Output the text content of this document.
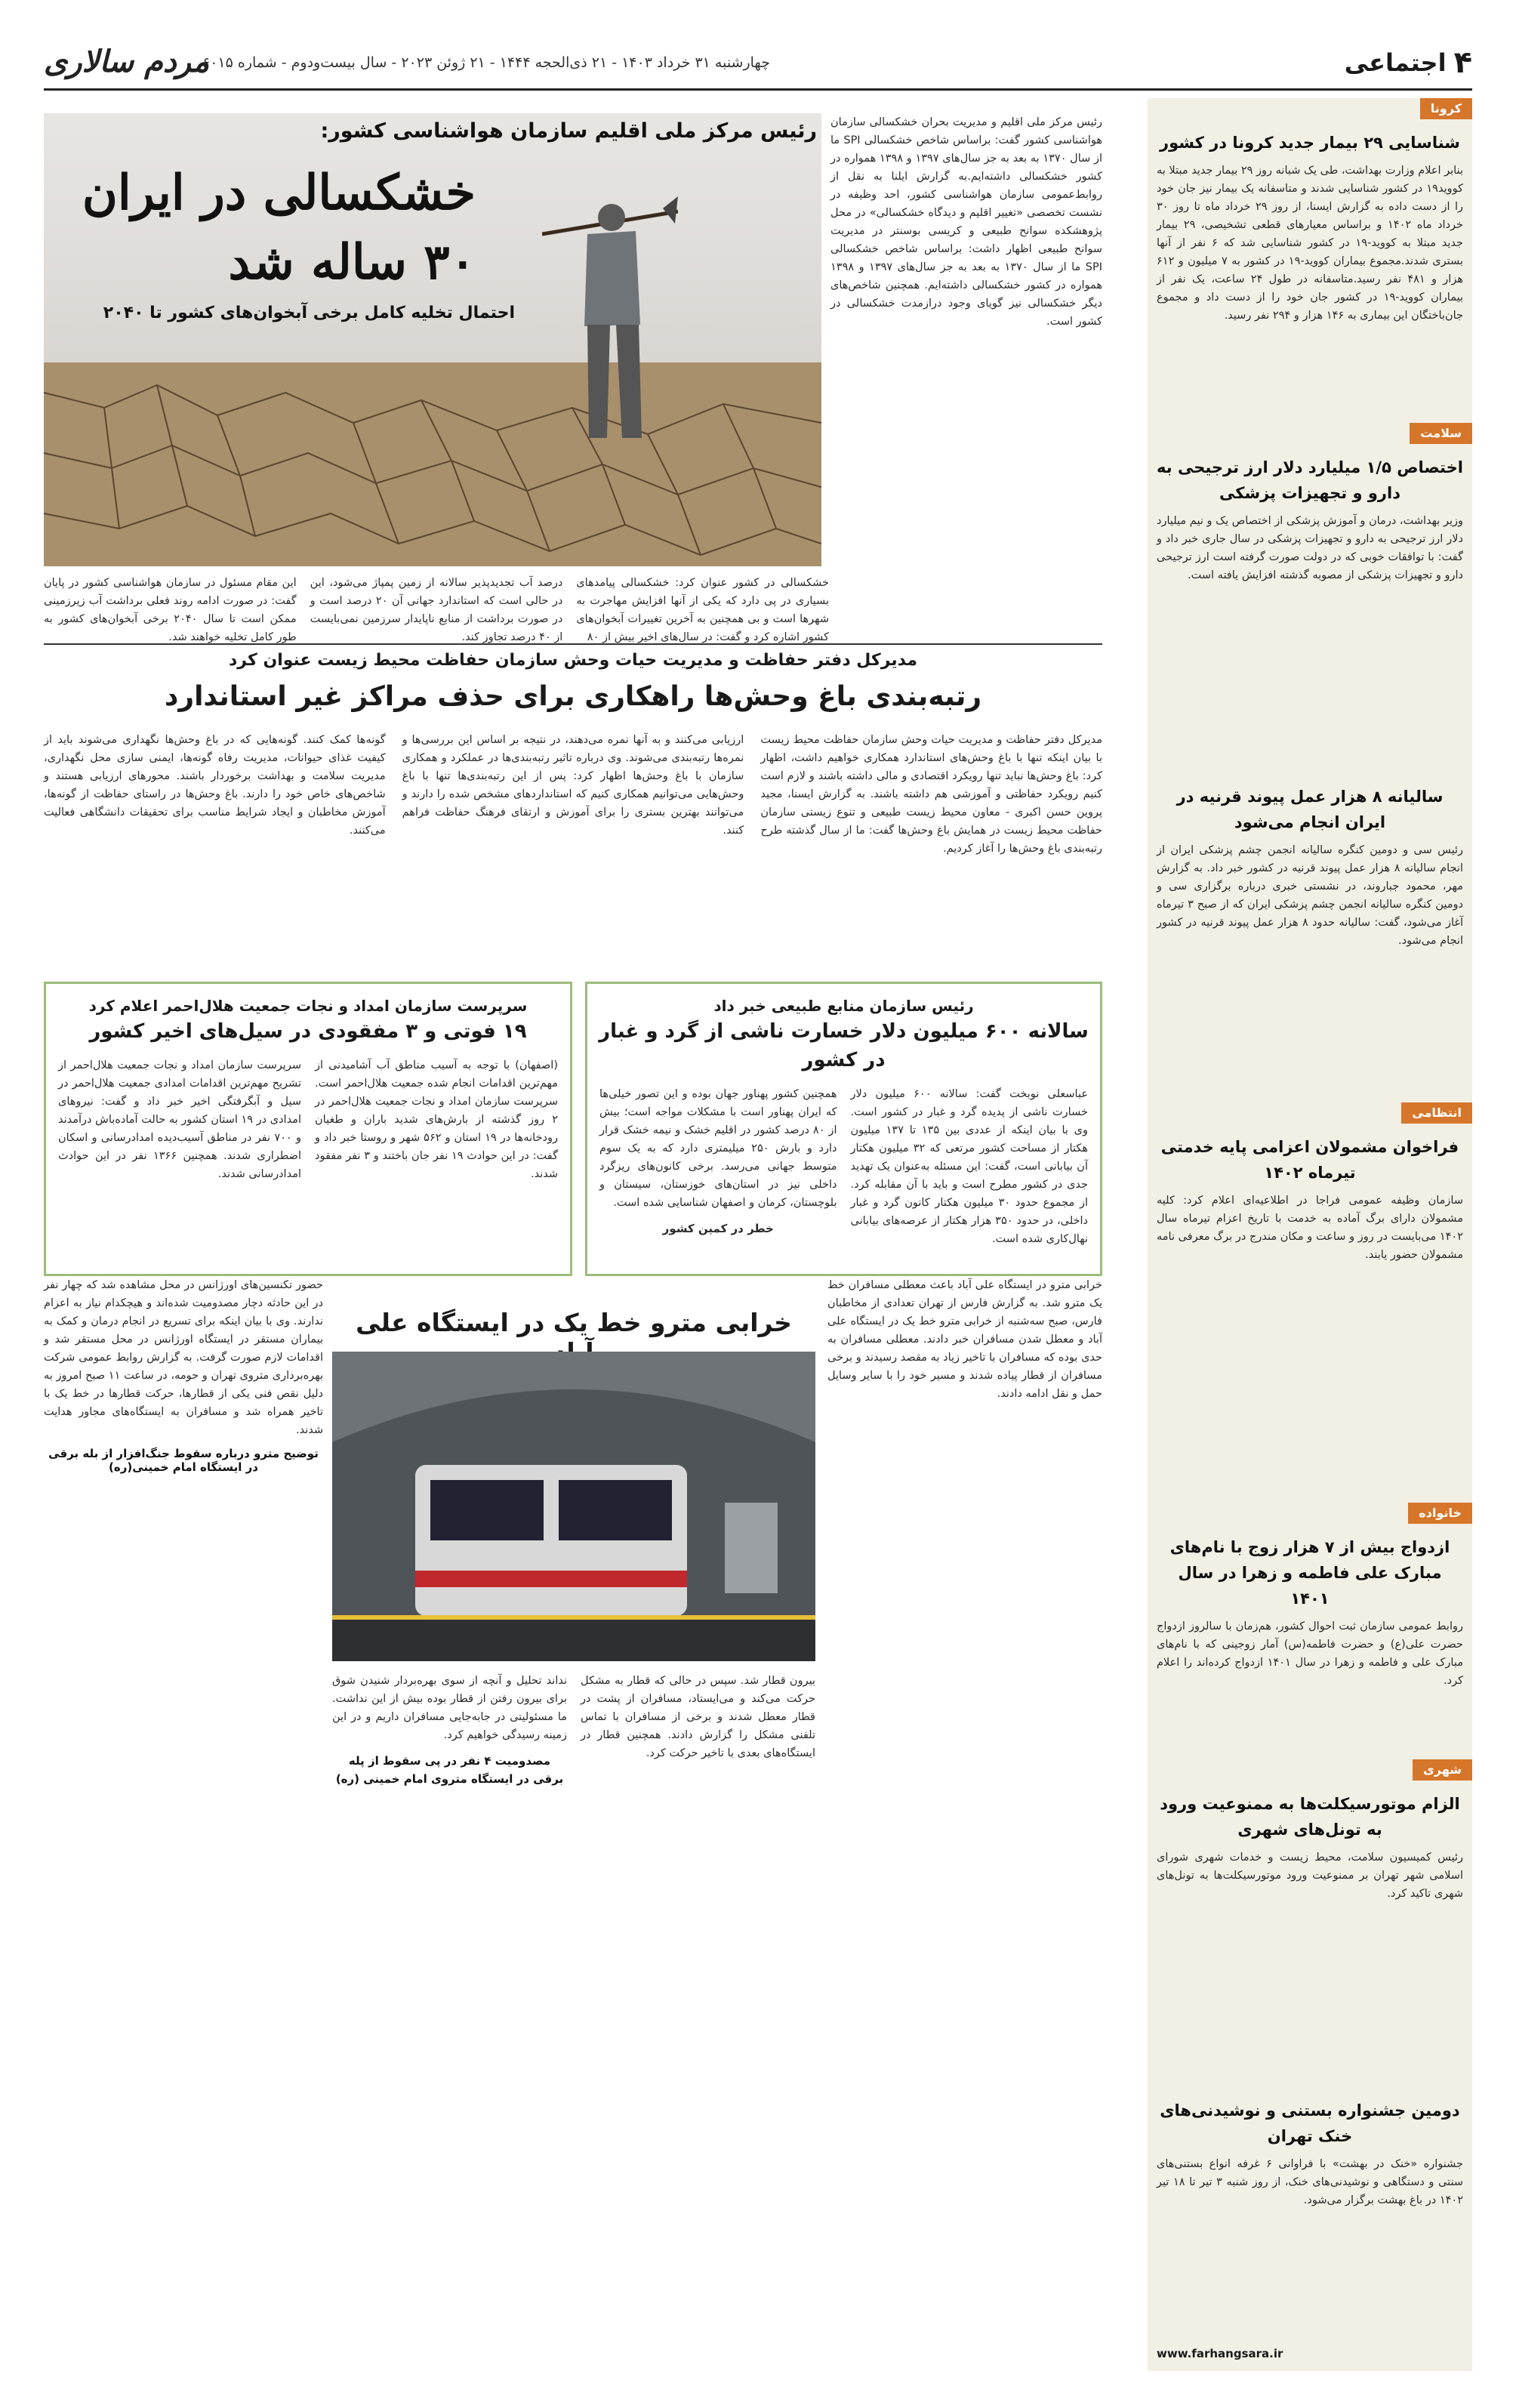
۴
اجتماعی
چهارشنبه ۳۱ خرداد ۱۴۰۳ - ۲۱ ذی‌الحجه ۱۴۴۴ - ۲۱ ژوئن ۲۰۲۳ - سال بیست‌ودوم - شماره ۶۰۱۵
مردم سالاری
کرونا
شناسایی ۲۹ بیمار جدید کرونا در کشور
بنابر اعلام وزارت بهداشت، طی یک شبانه روز ۲۹ بیمار جدید مبتلا به کووید۱۹ در کشور شناسایی شدند و متاسفانه یک بیمار نیز جان خود را از دست داده به گزارش ایسنا، از روز ۲۹ خرداد ماه تا روز ۳۰ خرداد ماه ۱۴۰۲ و براساس معیارهای قطعی تشخیصی، ۲۹ بیمار جدید مبتلا به کووید-۱۹ در کشور شناسایی شد که ۶ نفر از آنها بستری شدند.مجموع بیماران کووید-۱۹ در کشور به ۷ میلیون و ۶۱۲ هزار و ۴۸۱ نفر رسید.متاسفانه در طول ۲۴ ساعت، یک نفر از بیماران کووید-۱۹ در کشور جان خود را از دست داد و مجموع جان‌باختگان این بیماری به ۱۴۶ هزار و ۲۹۴ نفر رسید.
سلامت
اختصاص ۱/۵ میلیارد دلار ارز ترجیحی به دارو و تجهیزات پزشکی
وزیر بهداشت، درمان و آموزش پزشکی از اختصاص یک و نیم میلیارد دلار ارز ترجیحی به دارو و تجهیزات پزشکی در سال جاری خبر داد و گفت: با توافقات خوبی که در دولت صورت گرفته است ارز ترجیحی دارو و تجهیزات پزشکی از مصوبه گذشته افزایش یافته است.
سالیانه ۸ هزار عمل پیوند قرنیه در ایران انجام می‌شود
رئیس سی و دومین کنگره سالیانه انجمن چشم پزشکی ایران از انجام سالیانه ۸ هزار عمل پیوند قرنیه در کشور خبر داد. به گزارش مهر، محمود جباروند، در نشستی خبری درباره برگزاری سی و دومین کنگره سالیانه انجمن چشم پزشکی ایران که از صبح ۳ تیرماه آغاز می‌شود، گفت: سالیانه حدود ۸ هزار عمل پیوند قرنیه در کشور انجام می‌شود.
انتظامی
فراخوان مشمولان اعزامی پایه خدمتی تیرماه ۱۴۰۲
سازمان وظیفه عمومی فراجا در اطلاعیه‌ای اعلام کرد: کلیه مشمولان دارای برگ آماده به خدمت با تاریخ اعزام تیرماه سال ۱۴۰۲ می‌بایست در روز و ساعت و مکان مندرج در برگ معرفی نامه مشمولان حضور یابند.
خانواده
ازدواج بیش از ۷ هزار زوج با نام‌های مبارک علی فاطمه و زهرا در سال ۱۴۰۱
روابط عمومی سازمان ثبت احوال کشور، هم‌زمان با سالروز ازدواج حضرت علی(ع) و حضرت فاطمه(س) آمار زوجینی که با نام‌های مبارک علی و فاطمه و زهرا در سال ۱۴۰۱ ازدواج کرده‌اند را اعلام کرد.
شهری
الزام موتورسیکلت‌ها به ممنوعیت ورود به تونل‌های شهری
رئیس کمیسیون سلامت، محیط زیست و خدمات شهری شورای اسلامی شهر تهران بر ممنوعیت ورود موتورسیکلت‌ها به تونل‌های شهری تاکید کرد.
دومین جشنواره بستنی و نوشیدنی‌های خنک تهران
جشنواره «خنک در بهشت» با فراوانی ۶ غرفه انواع بستنی‌های سنتی و دستگاهی و نوشیدنی‌های خنک، از روز شنبه ۳ تیر تا ۱۸ تیر ۱۴۰۲ در باغ بهشت برگزار می‌شود.
www.farhangsara.ir
رئیس مرکز ملی اقلیم سازمان هواشناسی کشور:
خشکسالی در ایران
۳۰ ساله شد
احتمال تخلیه کامل برخی آبخوان‌های کشور تا ۲۰۴۰
رئیس مرکز ملی اقلیم و مدیریت بحران خشکسالی سازمان هواشناسی کشور گفت: براساس شاخص خشکسالی SPI ما از سال ۱۳۷۰ به بعد به جز سال‌های ۱۳۹۷ و ۱۳۹۸ همواره در کشور خشکسالی داشته‌ایم.به گزارش ایلنا به نقل از روابط‌عمومی سازمان هواشناسی کشور، احد وظیفه در نشست تخصصی «تغییر اقلیم و دیدگاه خشکسالی» در محل پژوهشکده سوانح طبیعی و کریسی بوسنتر در مدیریت سوانح طبیعی اظهار داشت: براساس شاخص خشکسالی SPI ما از سال ۱۳۷۰ به بعد به جز سال‌های ۱۳۹۷ و ۱۳۹۸ همواره در کشور خشکسالی داشته‌ایم. همچنین شاخص‌های دیگر خشکسالی نیز گویای وجود درازمدت خشکسالی در کشور است.
خشکسالی در کشور عنوان کرد: خشکسالی پیامدهای بسیاری در پی دارد که یکی از آنها افزایش مهاجرت به شهرها است و بی همچنین به آخرین تغییرات آبخوان‌های کشور اشاره کرد و گفت: در سال‌های اخیر بیش از ۸۰
درصد آب تجدیدپذیر سالانه از زمین پمپاژ می‌شود، این در حالی است که استاندارد جهانی آن ۲۰ درصد است و در صورت برداشت از منابع ناپایدار سرزمین نمی‌بایست از ۴۰ درصد تجاوز کند.
این مقام مسئول در سازمان هواشناسی کشور در پایان گفت: در صورت ادامه روند فعلی برداشت آب زیرزمینی ممکن است تا سال ۲۰۴۰ برخی آبخوان‌های کشور به طور کامل تخلیه خواهند شد.
مدیرکل دفتر حفاظت و مدیریت حیات وحش سازمان حفاظت محیط زیست عنوان کرد
رتبه‌بندی باغ وحش‌ها راهکاری برای حذف مراکز غیر استاندارد
مدیرکل دفتر حفاظت و مدیریت حیات وحش سازمان حفاظت محیط زیست با بیان اینکه تنها با باغ وحش‌های استاندارد همکاری خواهیم داشت، اظهار کرد: باغ وحش‌ها نباید تنها رویکرد اقتصادی و مالی داشته باشند و لازم است کنیم رویکرد حفاظتی و آموزشی هم داشته باشند. به گزارش ایسنا، مجید پروین حسن اکبری - معاون محیط زیست طبیعی و تنوع زیستی سازمان حفاظت محیط زیست در همایش باغ وحش‌ها گفت: ما از سال گذشته طرح رتبه‌بندی باغ وحش‌ها را آغاز کردیم.
ارزیابی می‌کنند و به آنها نمره می‌دهند، در نتیجه بر اساس این بررسی‌ها و نمره‌ها رتبه‌بندی می‌شوند. وی درباره تاثیر رتبه‌بندی‌ها در عملکرد و همکاری سازمان با باغ وحش‌ها اظهار کرد: پس از این رتبه‌بندی‌ها تنها با باغ وحش‌هایی می‌توانیم همکاری کنیم که استانداردهای مشخص شده را دارند و می‌توانند بهترین بستری را برای آموزش و ارتقای فرهنگ حفاظت فراهم کنند.
گونه‌ها کمک کنند. گونه‌هایی که در باغ وحش‌ها نگهداری می‌شوند باید از کیفیت غذای حیوانات، مدیریت رفاه گونه‌ها، ایمنی سازی محل نگهداری، مدیریت سلامت و بهداشت برخوردار باشند. محورهای ارزیابی هستند و شاخص‌های خاص خود را دارند. باغ وحش‌ها در راستای حفاظت از گونه‌ها، آموزش مخاطبان و ایجاد شرایط مناسب برای تحقیقات دانشگاهی فعالیت می‌کنند.
رئیس سازمان منابع طبیعی خبر داد
سالانه ۶۰۰ میلیون دلار خسارت ناشی از گرد و غبار در کشور
عباسعلی نوبخت گفت: سالانه ۶۰۰ میلیون دلار خسارت ناشی از پدیده گرد و غبار در کشور است. وی با بیان اینکه از عددی بین ۱۳۵ تا ۱۳۷ میلیون هکتار از مساحت کشور مرتعی که ۳۲ میلیون هکتار آن بیابانی است، گفت: این مسئله به‌عنوان یک تهدید جدی در کشور مطرح است و باید با آن مقابله کرد. از مجموع حدود ۳۰ میلیون هکتار کانون گرد و غبار داخلی، در حدود ۳۵۰ هزار هکتار از عرصه‌های بیابانی نهال‌کاری شده است.
همچنین کشور پهناور جهان بوده و این تصور خیلی‌ها که ایران پهناور است با مشکلات مواجه است؛ بیش از ۸۰ درصد کشور در اقلیم خشک و نیمه خشک قرار دارد و بارش ۲۵۰ میلیمتری دارد که به یک سوم متوسط جهانی می‌رسد. برخی کانون‌های ریزگرد داخلی نیز در استان‌های خوزستان، سیستان و بلوچستان، کرمان و اصفهان شناسایی شده است.
خطر در کمین کشور
سرپرست سازمان امداد و نجات جمعیت هلال‌احمر اعلام کرد
۱۹ فوتی و ۳ مفقودی در سیل‌های اخیر کشور
(اصفهان) با توجه به آسیب مناطق آب آشامیدنی از مهم‌ترین اقدامات انجام شده جمعیت هلال‌احمر است. سرپرست سازمان امداد و نجات جمعیت هلال‌احمر در ۲ روز گذشته از بارش‌های شدید باران و طغیان رودخانه‌ها در ۱۹ استان و ۵۶۲ شهر و روستا خبر داد و گفت: در این حوادث ۱۹ نفر جان باختند و ۳ نفر مفقود شدند.
سرپرست سازمان امداد و نجات جمعیت هلال‌احمر از تشریح مهم‌ترین اقدامات امدادی جمعیت هلال‌احمر در سیل و آبگرفتگی اخیر خبر داد و گفت: نیروهای امدادی در ۱۹ استان کشور به حالت آماده‌باش درآمدند و ۷۰۰ نفر در مناطق آسیب‌دیده امدادرسانی و اسکان اضطراری شدند. همچنین ۱۳۶۶ نفر در این حوادث امدادرسانی شدند.
خرابی مترو در ایستگاه علی آباد باعث معطلی مسافران خط یک مترو شد. به گزارش فارس از تهران تعدادی از مخاطبان فارس، صبح سه‌شنبه از خرابی مترو خط یک در ایستگاه علی آباد و معطل شدن مسافران خبر دادند. معطلی مسافران به حدی بوده که مسافران با تاخیر زیاد به مقصد رسیدند و برخی مسافران از قطار پیاده شدند و مسیر خود را با سایر وسایل حمل و نقل ادامه دادند.
خرابی مترو خط یک در ایستگاه علی
بیرون قطار شد. سپس در حالی که قطار به مشکل حرکت می‌کند و می‌ایستاد، مسافران از پشت در قطار معطل شدند و برخی از مسافران با تماس تلفنی مشکل را گزارش دادند. همچنین قطار در ایستگاه‌های بعدی با تاخیر حرکت کرد.
نداند تحلیل و آنچه از سوی بهره‌بردار شنیدن شوق برای بیرون رفتن از قطار بوده بیش از این نداشت. ما مسئولیتی در جابه‌جایی مسافران داریم و در این زمینه رسیدگی خواهیم کرد.
مصدومیت ۴ نفر در پی سقوط از پله برقی در ایستگاه متروی امام خمینی (ره)
حضور تکنسین‌های اورژانس در محل مشاهده شد که چهار نفر در این حادثه دچار مصدومیت شده‌اند و هیچکدام نیاز به اعزام ندارند. وی با بیان اینکه برای تسریع در انجام درمان و کمک به بیماران مستقر در ایستگاه اورژانس در محل مستقر شد و اقدامات لازم صورت گرفت. به گزارش روابط عمومی شرکت بهره‌برداری متروی تهران و حومه، در ساعت ۱۱ صبح امروز به دلیل نقص فنی یکی از قطارها، حرکت قطارها در خط یک با تاخیر همراه شد و مسافران به ایستگاه‌های مجاور هدایت شدند.
توضیح مترو درباره سقوط جنگ‌افزار از بله برقی در ایستگاه امام خمینی(ره)
